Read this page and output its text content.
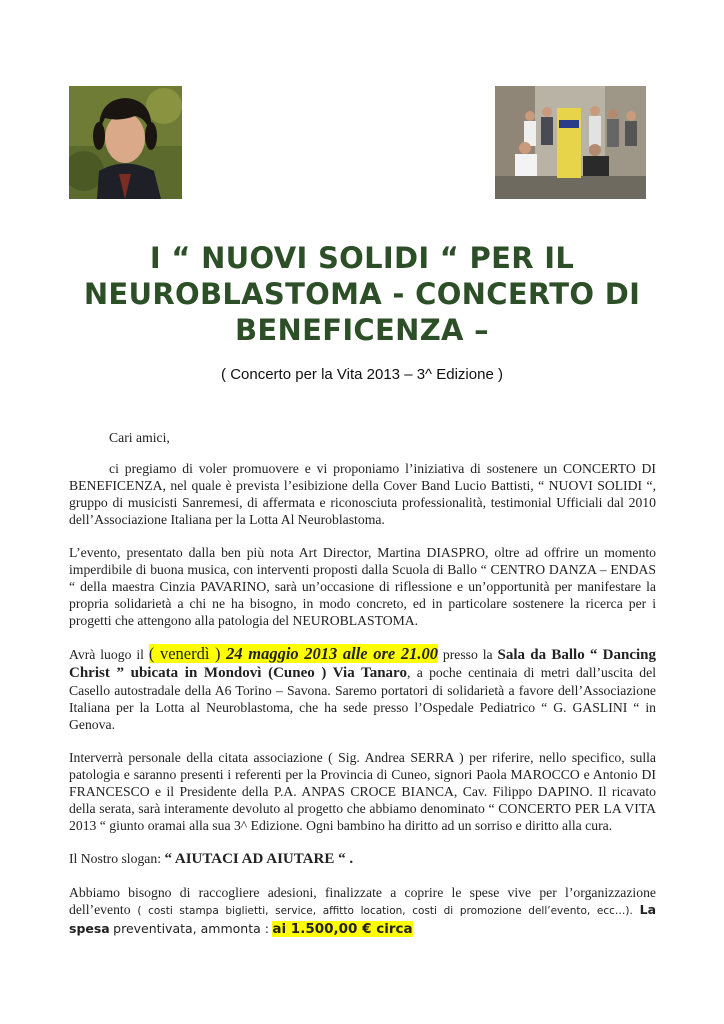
I “ NUOVI SOLIDI “ PER IL
NEUROBLASTOMA - CONCERTO DI
BENEFICENZA –

( Concerto per la Vita 2013 – 3^ Edizione )

Cari amici,

ci pregiamo di voler promuovere e vi proponiamo l’iniziativa di sostenere un CONCERTO DI BENEFICENZA, nel quale è prevista l’esibizione della Cover Band Lucio Battisti, “ NUOVI SOLIDI “, gruppo di musicisti Sanremesi, di affermata e riconosciuta professionalità, testimonial Ufficiali dal 2010 dell’Associazione Italiana per la Lotta Al Neuroblastoma.

L’evento, presentato dalla ben più nota Art Director, Martina DIASPRO, oltre ad offrire un momento imperdibile di buona musica, con interventi proposti dalla Scuola di Ballo “ CENTRO DANZA – ENDAS “ della maestra Cinzia PAVARINO, sarà un’occasione di riflessione e un’opportunità per manifestare la propria solidarietà a chi ne ha bisogno, in modo concreto, ed in particolare sostenere la ricerca per i progetti che attengono alla patologia del NEUROBLASTOMA.

Avrà luogo il ( venerdì ) 24 maggio 2013 alle ore 21.00 presso la Sala da Ballo “ Dancing Christ ” ubicata in Mondovì (Cuneo ) Via Tanaro, a poche centinaia di metri dall’uscita del Casello autostradale della A6 Torino – Savona. Saremo portatori di solidarietà a favore dell’Associazione Italiana per la Lotta al Neuroblastoma, che ha sede presso l’Ospedale Pediatrico “ G. GASLINI “ in Genova.

Interverrà personale della citata associazione ( Sig. Andrea SERRA ) per riferire, nello specifico, sulla patologia e saranno presenti i referenti per la Provincia di Cuneo, signori Paola MAROCCO e Antonio DI FRANCESCO e il Presidente della P.A. ANPAS CROCE BIANCA, Cav. Filippo DAPINO. Il ricavato della serata, sarà interamente devoluto al progetto che abbiamo denominato “ CONCERTO PER LA VITA 2013 “ giunto oramai alla sua 3^ Edizione. Ogni bambino ha diritto ad un sorriso e diritto alla cura.

Il Nostro slogan: “ AIUTACI AD AIUTARE “ .

Abbiamo bisogno di raccogliere adesioni, finalizzate a coprire le spese vive per l’organizzazione dell’evento ( costi stampa biglietti, service, affitto location, costi di promozione dell’evento, ecc…). La spesa preventivata, ammonta : ai 1.500,00 € circa
